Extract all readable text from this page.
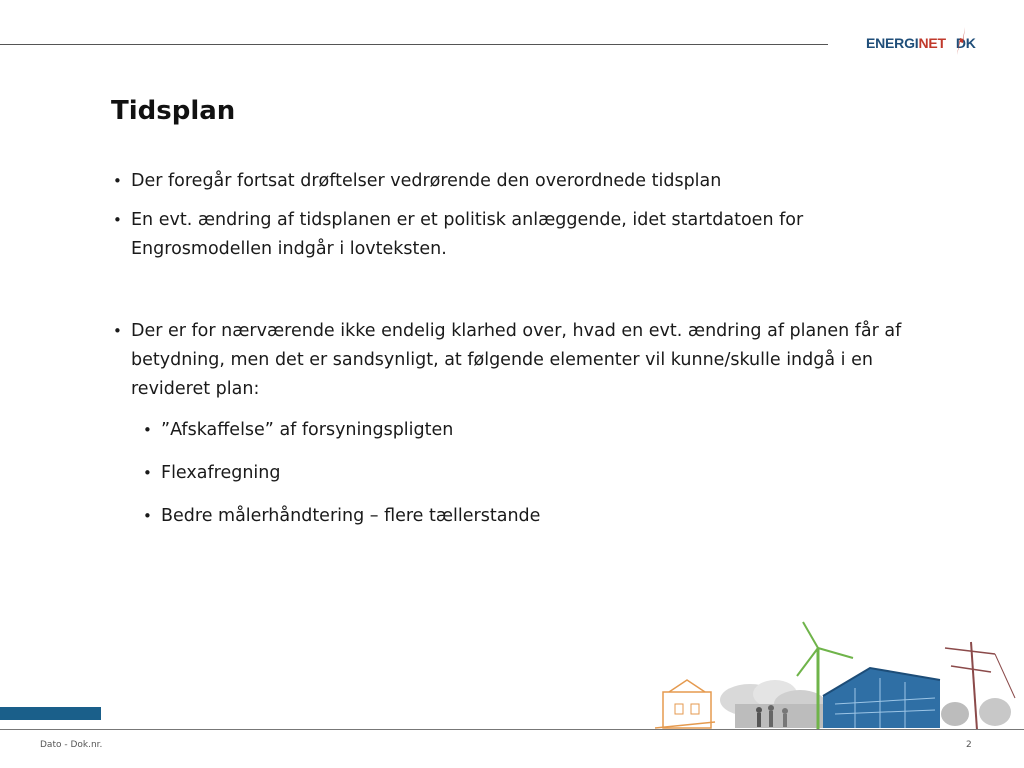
ENERGINET DK
Tidsplan

• Der foregår fortsat drøftelser vedrørende den overordnede tidsplan

• En evt. ændring af tidsplanen er et politisk anlæggende, idet startdatoen for Engrosmodellen indgår i lovteksten.

• Der er for nærværende ikke endelig klarhed over, hvad en evt. ændring af planen får af betydning, men det er sandsynligt, at følgende elementer vil kunne/skulle indgå i en revideret plan:

• ”Afskaffelse” af forsyningspligten

• Flexafregning

• Bedre målerhåndtering – flere tællerstande

Dato - Dok.nr.	2
